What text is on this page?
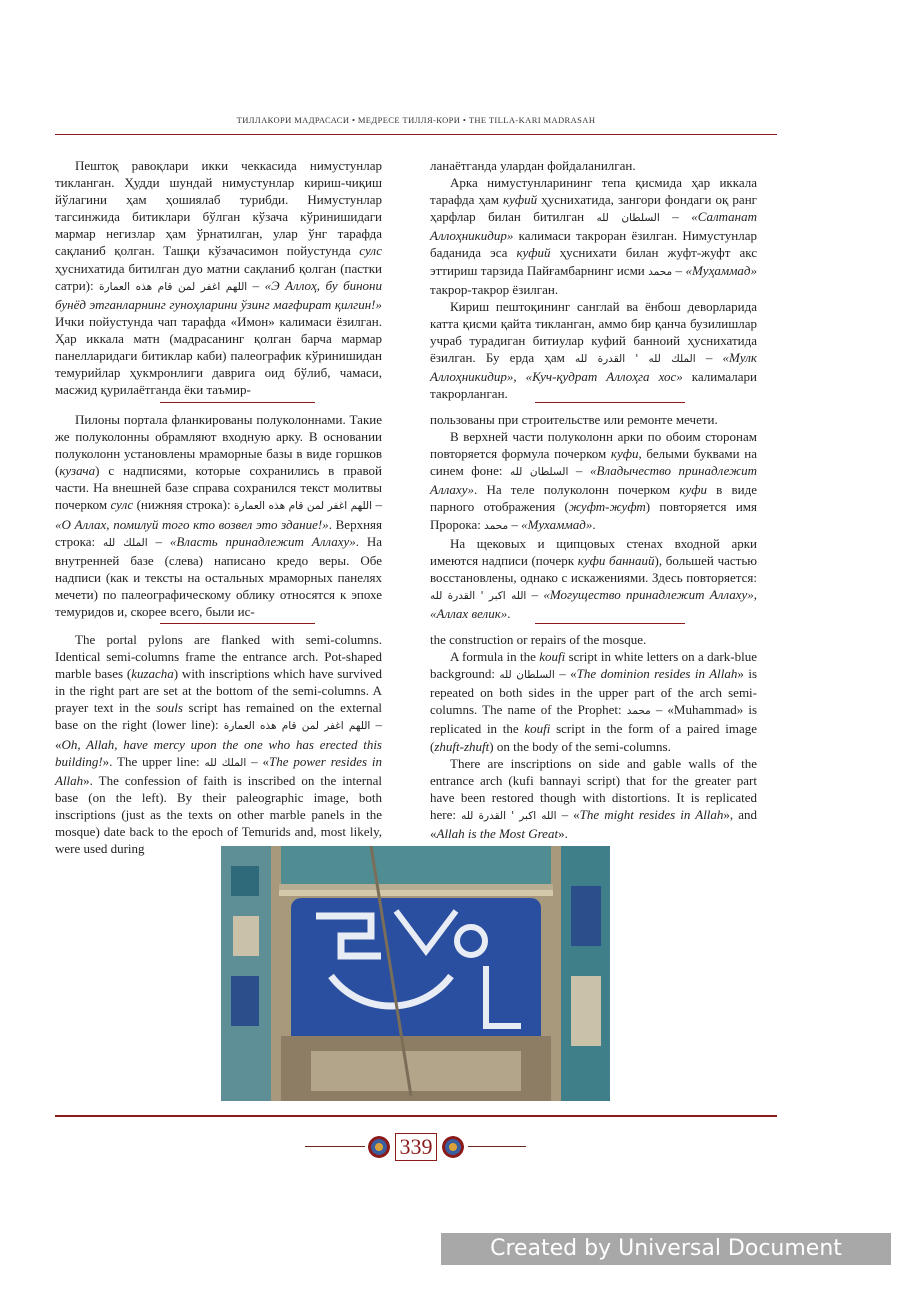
ТИЛЛАКОРИ МАДРАСАСИ • МЕДРЕСЕ ТИЛЛЯ-КОРИ • THE TILLA-KARI MADRASAH

Пештоқ равоқлари икки чеккасида нимустунлар тикланган. Ҳудди шундай нимустунлар кириш-чиқиш йўлагини ҳам ҳошиялаб турибди. Нимустунлар тагсинжида битиклари бўлган кўзача кўринишидаги мармар негизлар ҳам ўрнатилган, улар ўнг тарафда сақланиб қолган. Ташқи кўзачасимон пойустунда сулс ҳуснихатида битилган дуо матни сақланиб қолган (пастки сатри): اللهم اغفر لمن قام هذه العمارة – «Э Аллоҳ, бу бинони бунёд этганларнинг гуноҳларини ўзинг мағфират қилгин!» Ички пойустунда чап тарафда «Имон» калимаси ёзилган. Ҳар иккала матн (мадрасанинг қолган барча мармар панелларидаги битиклар каби) палеографик кўринишидан темурийлар ҳукмронлиги даврига оид бўлиб, чамаси, масжид қурилаётганда ёки таъмир-

ланаётганда улардан фойдаланилган.

Арка нимустунларининг тепа қисмида ҳар иккала тарафда ҳам куфий ҳуснихатида, зангори фондаги оқ ранг ҳарфлар билан битилган السلطان لله – «Салтанат Аллоҳникидир» калимаси такроран ёзилган. Нимустунлар баданида эса куфий ҳуснихати билан жуфт-жуфт акс эттириш тарзида Пайғамбарнинг исми محمد – «Муҳаммад» такрор-такрор ёзилган.

Кириш пештоқининг санглай ва ёнбош деворларида катта қисми қайта тикланган, аммо бир қанча бузилишлар учраб турадиган битиулар куфий банноий ҳуснихатида ёзилган. Бу ерда ҳам الملك لله ' القدرة لله – «Мулк Аллоҳникидир», «Куч-қудрат Аллоҳга хос» калималари такрорланган.

Пилоны портала фланкированы полуколоннами. Такие же полуколонны обрамляют входную арку. В основании полуколонн установлены мраморные базы в виде горшков (кузача) с надписями, которые сохранились в правой части. На внешней базе справа сохранился текст молитвы почерком сулс (нижняя строка): اللهم اغفر لمن قام هذه العمارة – «О Аллах, помилуй того кто возвел это здание!». Верхняя строка: الملك لله – «Власть принадлежит Аллаху». На внутренней базе (слева) написано кредо веры. Обе надписи (как и тексты на остальных мраморных панелях мечети) по палеографическому облику относятся к эпохе темуридов и, скорее всего, были ис-

пользованы при строительстве или ремонте мечети.

В верхней части полуколонн арки по обоим сторонам повторяется формула почерком куфи, белыми буквами на синем фоне: السلطان لله – «Владычество принадлежит Аллаху». На теле полуколонн почерком куфи в виде парного отображения (жуфт-жуфт) повторяется имя Пророка: محمد – «Мухаммад».

На щековых и щипцовых стенах входной арки имеются надписи (почерк куфи баннаий), большей частью восстановлены, однако с искажениями. Здесь повторяется: الله اكبر ' القدرة لله – «Могущество принадлежит Аллаху», «Аллах велик».

The portal pylons are flanked with semi-columns. Identical semi-columns frame the entrance arch. Pot-shaped marble bases (kuzacha) with inscriptions which have survived in the right part are set at the bottom of the semi-columns. A prayer text in the souls script has remained on the external base on the right (lower line): اللهم اغفر لمن قام هذه العمارة – «Oh, Allah, have mercy upon the one who has erected this building!». The upper line: الملك لله – «The power resides in Allah». The confession of faith is inscribed on the internal base (on the left). By their paleographic image, both inscriptions (just as the texts on other marble panels in the mosque) date back to the epoch of Temurids and, most likely, were used during

the construction or repairs of the mosque.

A formula in the koufi script in white letters on a dark-blue background: السلطان لله – «The dominion resides in Allah» is repeated on both sides in the upper part of the arch semi-columns. The name of the Prophet: محمد – «Muhammad» is replicated in the koufi script in the form of a paired image (zhuft-zhuft) on the body of the semi-columns.

There are inscriptions on side and gable walls of the entrance arch (kufi bannayi script) that for the greater part have been restored though with distortions. It is replicated here: الله اكبر ' القدرة لله – «The might resides in Allah», and «Allah is the Most Great».

339
Created by Universal Document Converter
